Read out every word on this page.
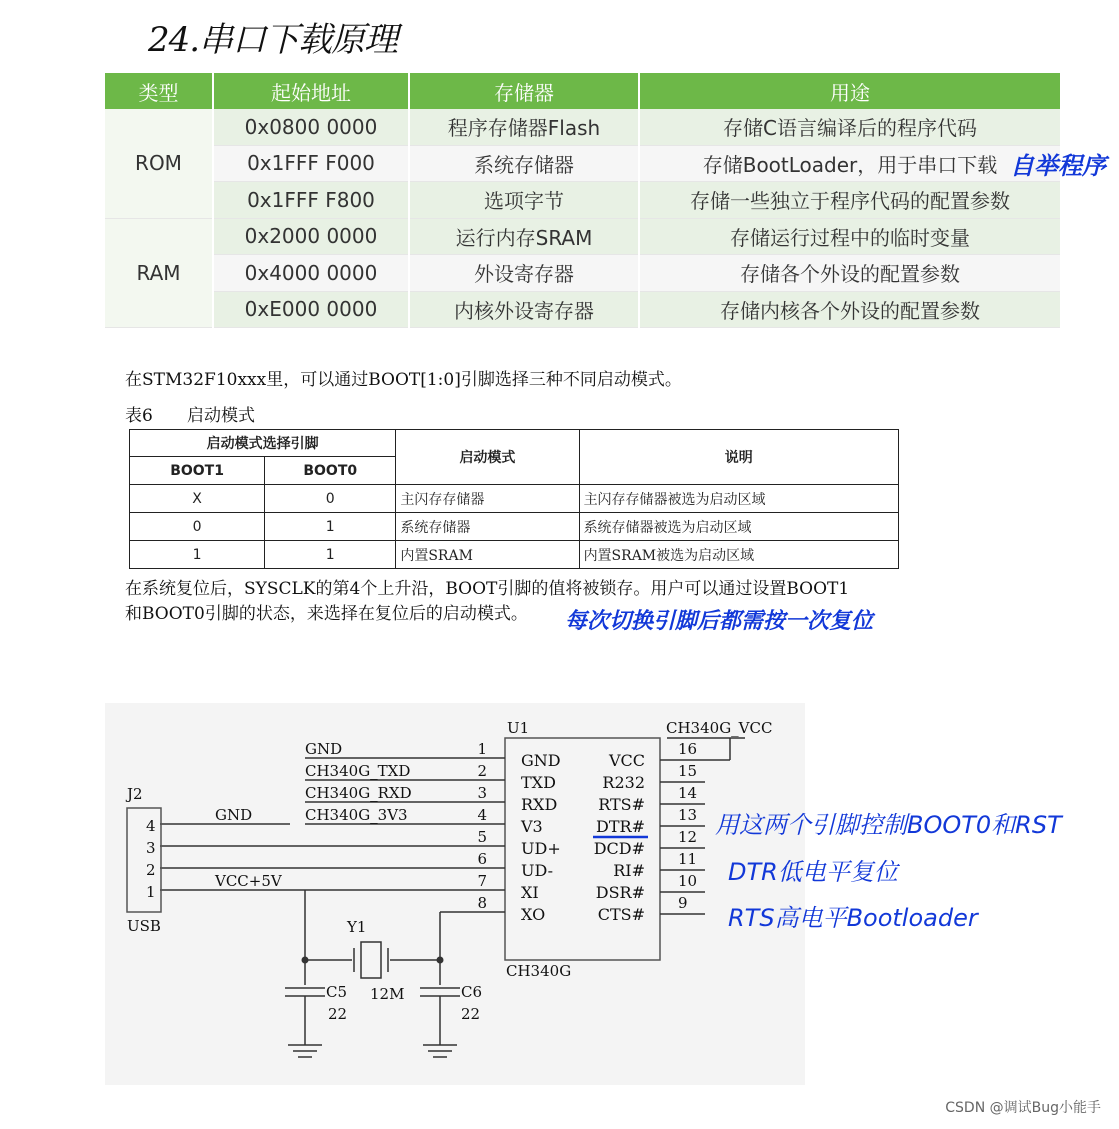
24.串口下载原理
类型	起始地址	存储器	用途
ROM	0x0800 0000	程序存储器Flash	存储C语言编译后的程序代码
	0x1FFF F000	系统存储器	存储BootLoader，用于串口下载
	0x1FFF F800	选项字节	存储一些独立于程序代码的配置参数
RAM	0x2000 0000	运行内存SRAM	存储运行过程中的临时变量
	0x4000 0000	外设寄存器	存储各个外设的配置参数
	0xE000 0000	内核外设寄存器	存储内核各个外设的配置参数
自举程序
在STM32F10xxx里，可以通过BOOT[1:0]引脚选择三种不同启动模式。
表6 启动模式
启动模式选择引脚		启动模式	说明
BOOT1	BOOT0		
X	0	主闪存存储器	主闪存存储器被选为启动区域
0	1	系统存储器	系统存储器被选为启动区域
1	1	内置SRAM	内置SRAM被选为启动区域
在系统复位后，SYSCLK的第4个上升沿，BOOT引脚的值将被锁存。用户可以通过设置BOOT1
和BOOT0引脚的状态，来选择在复位后的启动模式。 每次切换引脚后都需按一次复位
U1
CH340G
CH340G_VCC
GND
CH340G_TXD
CH340G_RXD
CH340G_3V3
1
2
3
4
5
6
7
8
GND
TXD
RXD
V3
UD+
UD-
XI
XO
VCC
R232
RTS#
DTR#
DCD#
RI#
DSR#
CTS#
16
15
14
13
12
11
10
9
J2
4
3
2
1
USB
GND
VCC+5V
Y1
12M
C5
22
C6
22
用这两个引脚控制BOOT0和RST
DTR低电平复位
RTS高电平Bootloader
CSDN @调试Bug小能手
